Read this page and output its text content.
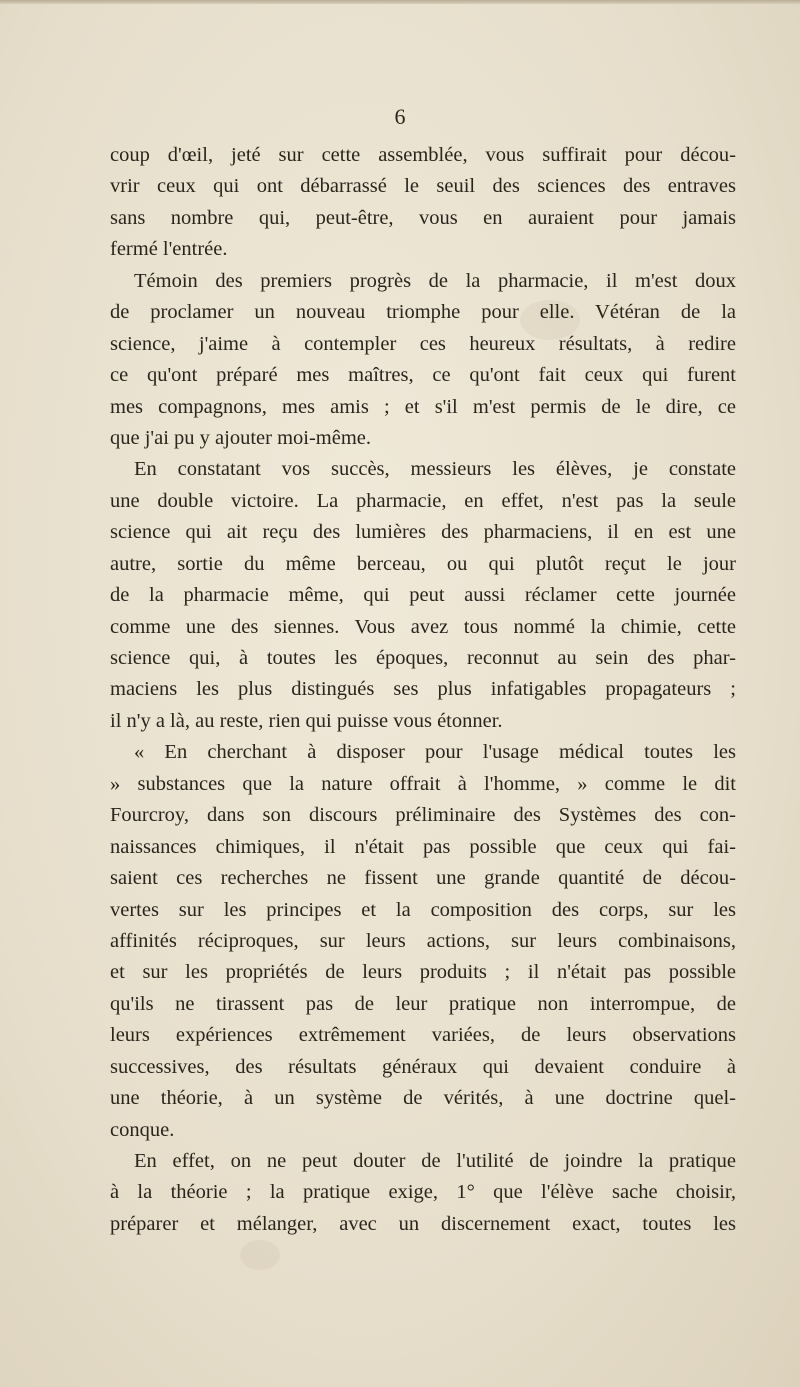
6
coup d'œil, jeté sur cette assemblée, vous suffirait pour décou-
vrir ceux qui ont débarrassé le seuil des sciences des entraves
sans nombre qui, peut-être, vous en auraient pour jamais
fermé l'entrée.
Témoin des premiers progrès de la pharmacie, il m'est doux
de proclamer un nouveau triomphe pour elle. Vétéran de la
science, j'aime à contempler ces heureux résultats, à redire
ce qu'ont préparé mes maîtres, ce qu'ont fait ceux qui furent
mes compagnons, mes amis ; et s'il m'est permis de le dire, ce
que j'ai pu y ajouter moi-même.
En constatant vos succès, messieurs les élèves, je constate
une double victoire. La pharmacie, en effet, n'est pas la seule
science qui ait reçu des lumières des pharmaciens, il en est une
autre, sortie du même berceau, ou qui plutôt reçut le jour
de la pharmacie même, qui peut aussi réclamer cette journée
comme une des siennes. Vous avez tous nommé la chimie, cette
science qui, à toutes les époques, reconnut au sein des phar-
maciens les plus distingués ses plus infatigables propagateurs ;
il n'y a là, au reste, rien qui puisse vous étonner.
« En cherchant à disposer pour l'usage médical toutes les
» substances que la nature offrait à l'homme, » comme le dit
Fourcroy, dans son discours préliminaire des Systèmes des con-
naissances chimiques, il n'était pas possible que ceux qui fai-
saient ces recherches ne fissent une grande quantité de décou-
vertes sur les principes et la composition des corps, sur les
affinités réciproques, sur leurs actions, sur leurs combinaisons,
et sur les propriétés de leurs produits ; il n'était pas possible
qu'ils ne tirassent pas de leur pratique non interrompue, de
leurs expériences extrêmement variées, de leurs observations
successives, des résultats généraux qui devaient conduire à
une théorie, à un système de vérités, à une doctrine quel-
conque.
En effet, on ne peut douter de l'utilité de joindre la pratique
à la théorie ; la pratique exige, 1° que l'élève sache choisir,
préparer et mélanger, avec un discernement exact, toutes les
